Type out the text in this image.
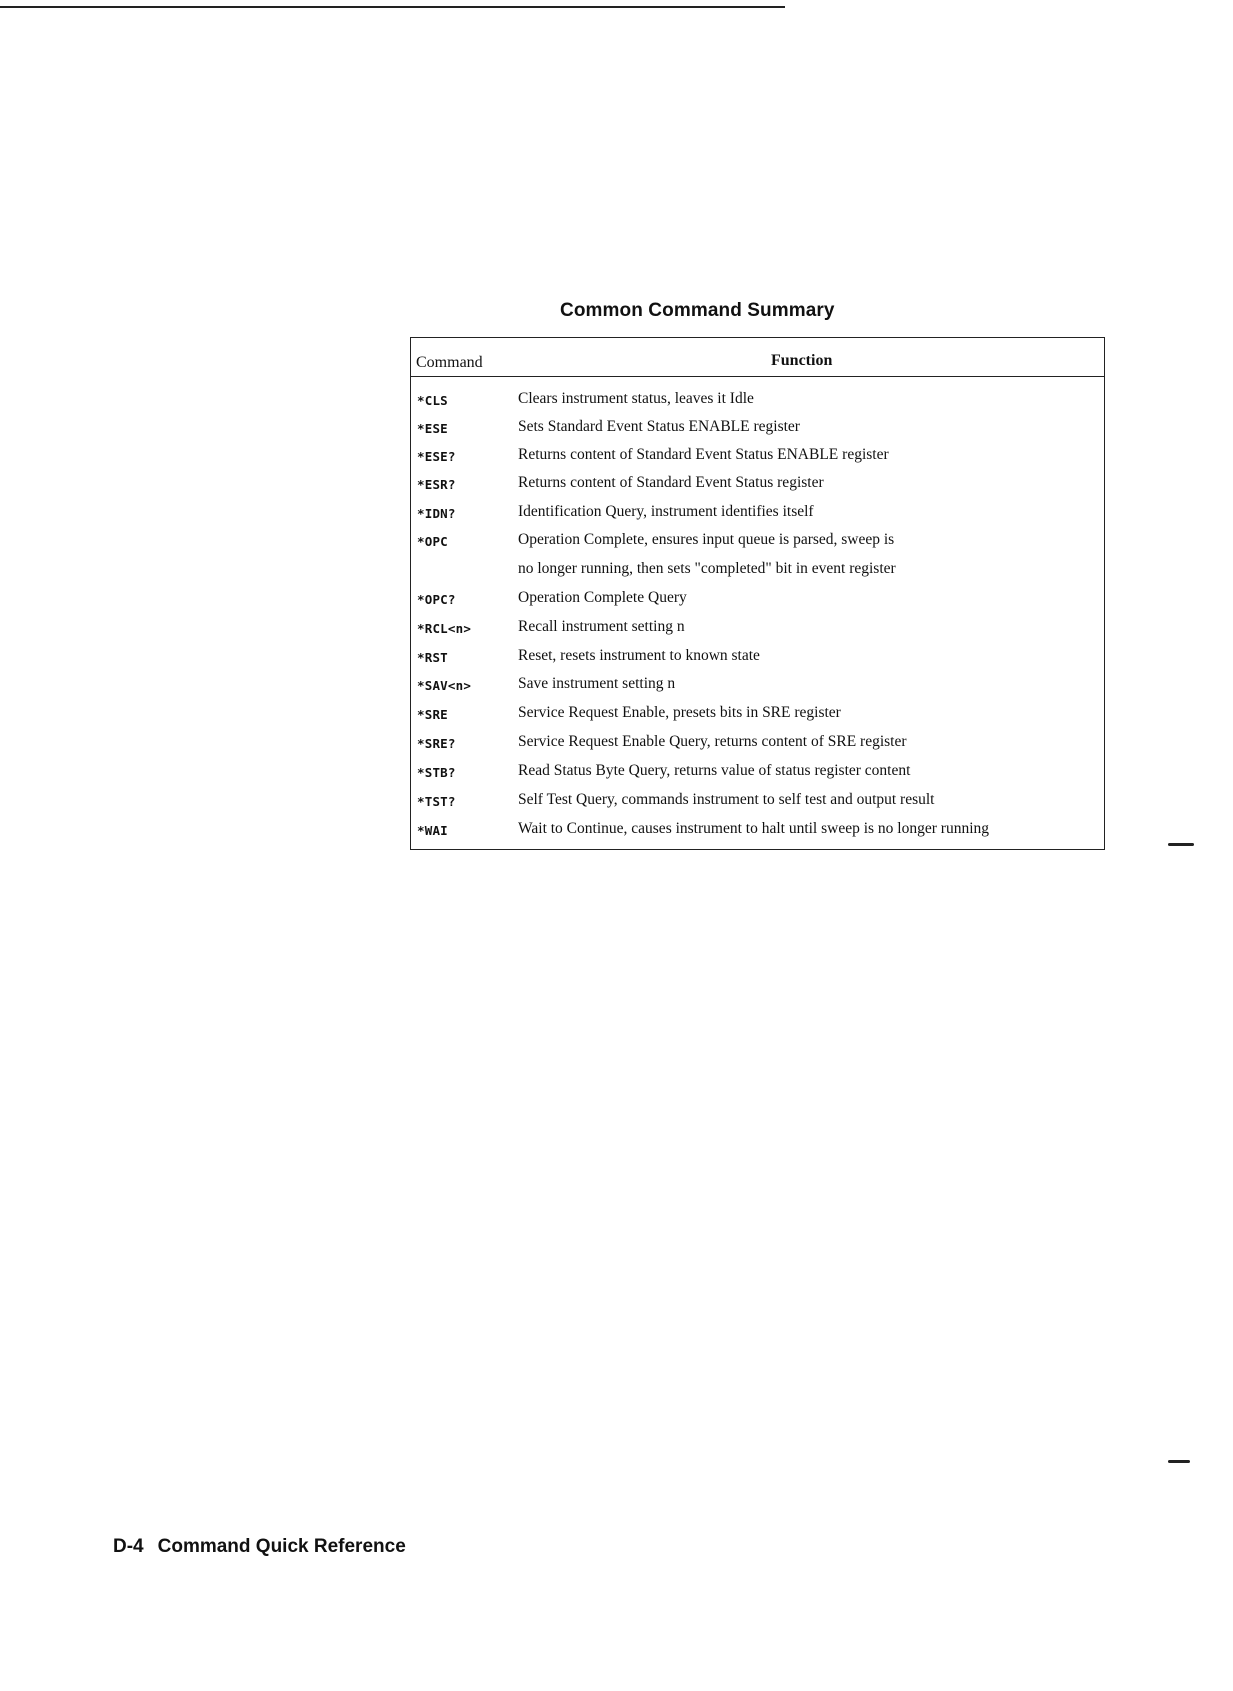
Common Command Summary
Command	Function
*CLS	Clears instrument status, leaves it Idle
*ESE	Sets Standard Event Status ENABLE register
*ESE?	Returns content of Standard Event Status ENABLE register
*ESR?	Returns content of Standard Event Status register
*IDN?	Identification Query, instrument identifies itself
*OPC	Operation Complete, ensures input queue is parsed, sweep is
no longer running, then sets "completed" bit in event register
*OPC?	Operation Complete Query
*RCL<n>	Recall instrument setting n
*RST	Reset, resets instrument to known state
*SAV<n>	Save instrument setting n
*SRE	Service Request Enable, presets bits in SRE register
*SRE?	Service Request Enable Query, returns content of SRE register
*STB?	Read Status Byte Query, returns value of status register content
*TST?	Self Test Query, commands instrument to self test and output result
*WAI	Wait to Continue, causes instrument to halt until sweep is no longer running
D-4 Command Quick Reference
